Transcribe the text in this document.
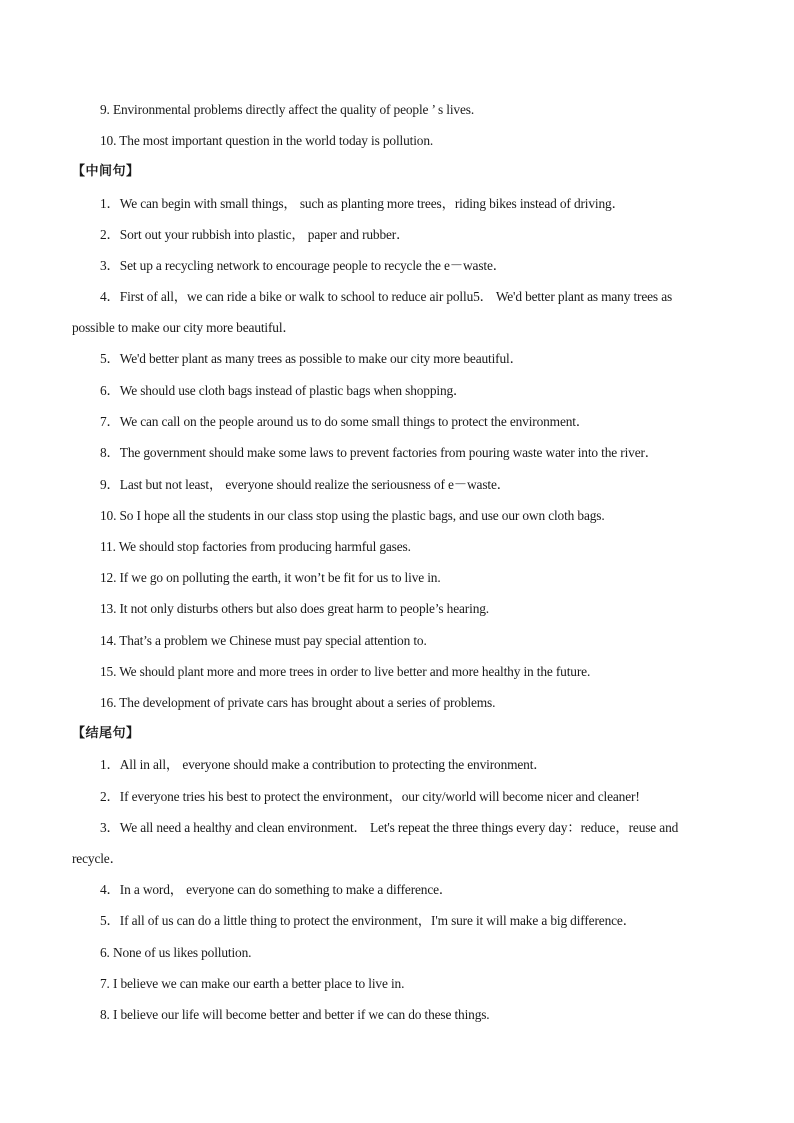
9. Environmental problems directly affect the quality of people ’ s lives.
10. The most important question in the world today is pollution.
【中间句】
1．We can begin with small things， such as planting more trees，riding bikes instead of driving．
2．Sort out your rubbish into plastic， paper and rubber．
3．Set up a recycling network to encourage people to recycle the e－waste．
4．First of all，we can ride a bike or walk to school to reduce air pollu5． We'd better plant as many trees as
possible to make our city more beautiful．
5．We'd better plant as many trees as possible to make our city more beautiful．
6．We should use cloth bags instead of plastic bags when shopping．
7．We can call on the people around us to do some small things to protect the environment．
8．The government should make some laws to prevent factories from pouring waste water into the river．
9．Last but not least， everyone should realize the seriousness of e－waste．
10. So I hope all the students in our class stop using the plastic bags, and use our own cloth bags.
11. We should stop factories from producing harmful gases.
12. If we go on polluting the earth, it won’t be fit for us to live in.
13. It not only disturbs others but also does great harm to people’s hearing.
14. That’s a problem we Chinese must pay special attention to.
15. We should plant more and more trees in order to live better and more healthy in the future.
16. The development of private cars has brought about a series of problems.
【结尾句】
1．All in all， everyone should make a contribution to protecting the environment．
2．If everyone tries his best to protect the environment，our city/world will become nicer and cleaner!
3．We all need a healthy and clean environment． Let's repeat the three things every day：reduce，reuse and
recycle．
4．In a word， everyone can do something to make a difference．
5．If all of us can do a little thing to protect the environment，I'm sure it will make a big difference．
6. None of us likes pollution.
7. I believe we can make our earth a better place to live in.
8. I believe our life will become better and better if we can do these things.
